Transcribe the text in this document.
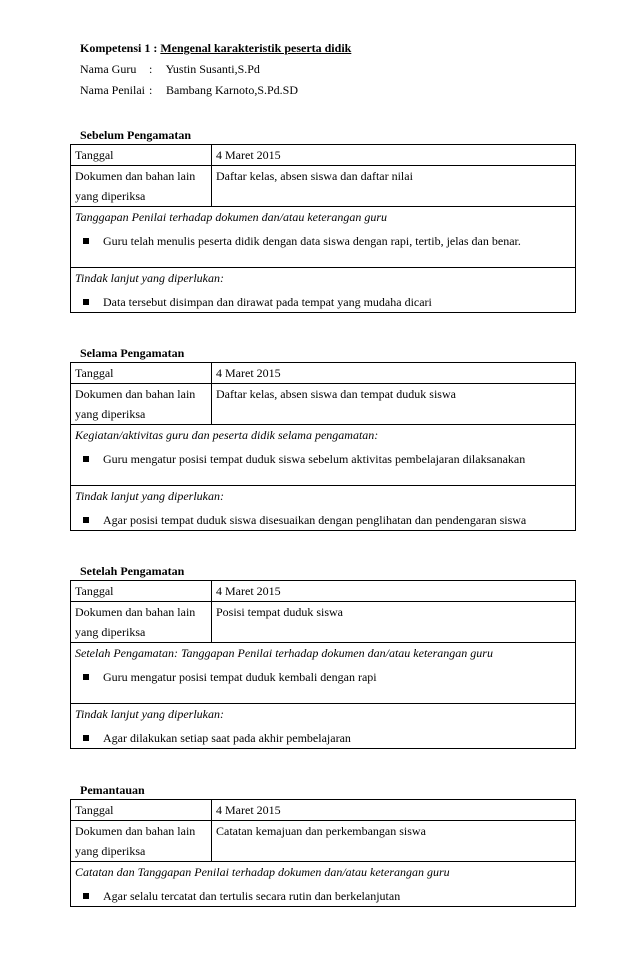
Kompetensi 1 : Mengenal karakteristik peserta didik
Nama Guru : Yustin Susanti,S.Pd
Nama Penilai : Bambang Karnoto,S.Pd.SD
Sebelum Pengamatan
Tanggal	4 Maret 2015

Dokumen dan bahan lain
yang diperiksa	Daftar kelas, absen siswa dan daftar nilai

Tanggapan Penilai terhadap dokumen dan/atau keterangan guru
Guru telah menulis peserta didik dengan data siswa dengan rapi, tertib, jelas dan benar.	

Tindak lanjut yang diperlukan:
Data tersebut disimpan dan dirawat pada tempat yang mudaha dicari	
Selama Pengamatan
Tanggal	4 Maret 2015

Dokumen dan bahan lain
yang diperiksa	Daftar kelas, absen siswa dan tempat duduk siswa

Kegiatan/aktivitas guru dan peserta didik selama pengamatan:
Guru mengatur posisi tempat duduk siswa sebelum aktivitas pembelajaran dilaksanakan	

Tindak lanjut yang diperlukan:
Agar posisi tempat duduk siswa disesuaikan dengan penglihatan dan pendengaran siswa	
Setelah Pengamatan
Tanggal	4 Maret 2015

Dokumen dan bahan lain
yang diperiksa	Posisi tempat duduk siswa

Setelah Pengamatan: Tanggapan Penilai terhadap dokumen dan/atau keterangan guru
Guru mengatur posisi tempat duduk kembali dengan rapi	

Tindak lanjut yang diperlukan:
Agar dilakukan setiap saat pada akhir pembelajaran	
Pemantauan
Tanggal	4 Maret 2015

Dokumen dan bahan lain
yang diperiksa	Catatan kemajuan dan perkembangan siswa

Catatan dan Tanggapan Penilai terhadap dokumen dan/atau keterangan guru
Agar selalu tercatat dan tertulis secara rutin dan berkelanjutan	
